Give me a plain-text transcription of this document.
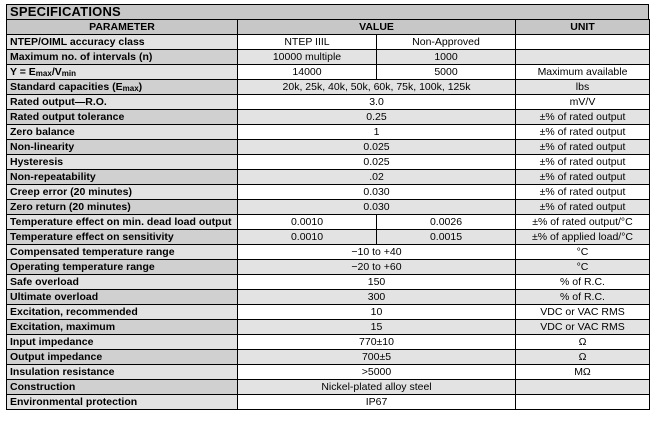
SPECIFICATIONS
PARAMETER	VALUE		UNIT
NTEP/OIML accuracy class	NTEP IIIL	Non-Approved	
Maximum no. of intervals (n)	10000 multiple	1000	
$Y = E_{max}/V_{min}$	14000	5000	Maximum available
Standard capacities $(E_{max})$	20k, 25k, 40k, 50k, 60k, 75k, 100k, 125k		lbs
Rated output—R.O.	3.0		mV/V
Rated output tolerance	0.25		±% of rated output
Zero balance	1		±% of rated output
Non-linearity	0.025		±% of rated output
Hysteresis	0.025		±% of rated output
Non-repeatability	.02		±% of rated output
Creep error (20 minutes)	0.030		±% of rated output
Zero return (20 minutes)	0.030		±% of rated output
Temperature effect on min. dead load output	0.0010	0.0026	±% of rated output/°C
Temperature effect on sensitivity	0.0010	0.0015	±% of applied load/°C
Compensated temperature range	−10 to +40		°C
Operating temperature range	−20 to +60		°C
Safe overload	150		% of R.C.
Ultimate overload	300		% of R.C.
Excitation, recommended	10		VDC or VAC RMS
Excitation, maximum	15		VDC or VAC RMS
Input impedance	770±10		Ω
Output impedance	700±5		Ω
Insulation resistance	>5000		MΩ
Construction	Nickel-plated alloy steel		
Environmental protection	IP67		
